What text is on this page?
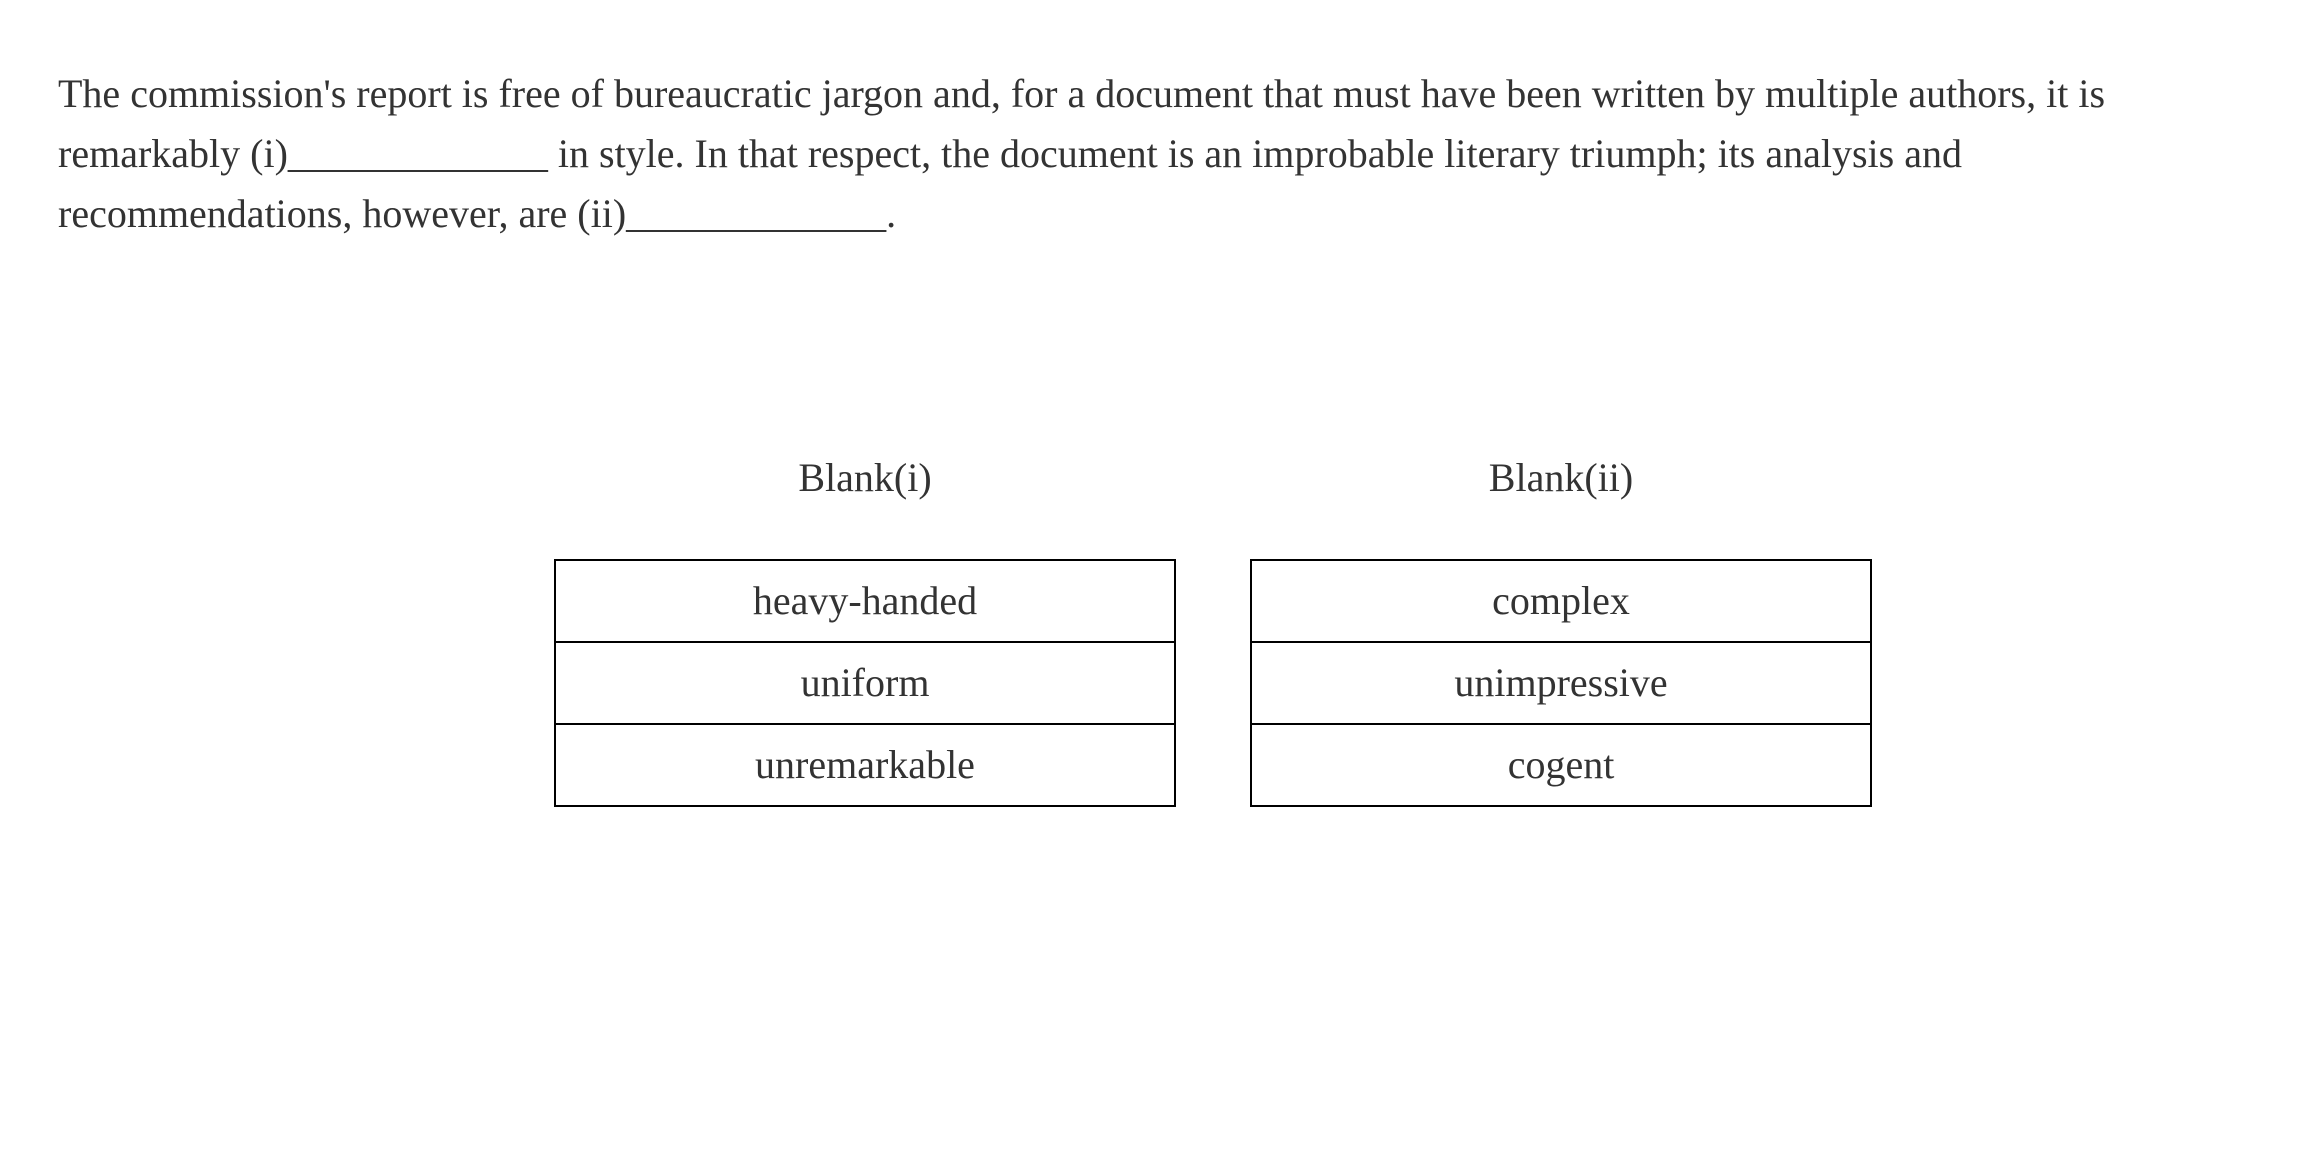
The commission's report is free of bureaucratic jargon and, for a document that must have been written by multiple authors, it is
remarkably (i)_____________ in style. In that respect, the document is an improbable literary triumph; its analysis and
recommendations, however, are (ii)_____________.
Blank(i)	Blank(ii)
heavy-handed
uniform
unremarkable
complex
unimpressive
cogent
